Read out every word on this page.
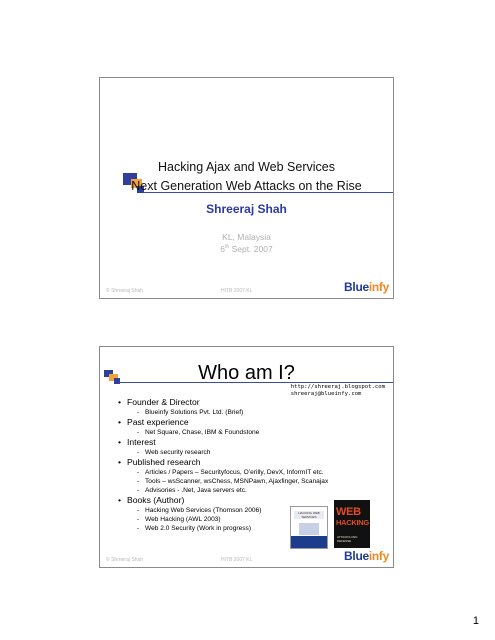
Hacking Ajax and Web Services
Next Generation Web Attacks on the Rise
Shreeraj Shah
KL, Malaysia
6th Sept. 2007
© Shreeraj Shah	HITB 2007 KL	Blueinfy
Who am I?
http://shreeraj.blogspot.com
shreeraj@blueinfy.com
• Founder & Director
- Blueinfy Solutions Pvt. Ltd. (Brief)
• Past experience
- Net Square, Chase, IBM & Foundstone
• Interest
- Web security research
• Published research
- Articles / Papers – Securityfocus, O’erilly, DevX, InformIT etc.
- Tools – wsScanner, wsChess, MSNPawn, Ajaxfinger, Scanajax
- Advisories - .Net, Java servers etc.
• Books (Author)
- Hacking Web Services (Thomson 2006)
- Web Hacking (AWL 2003)
- Web 2.0 Security (Work in progress)
HACKING WEB SERVICES	WEB
HACKING
ATTACKS AND DEFENSE
© Shreeraj Shah	HITB 2007 KL	Blueinfy
1
